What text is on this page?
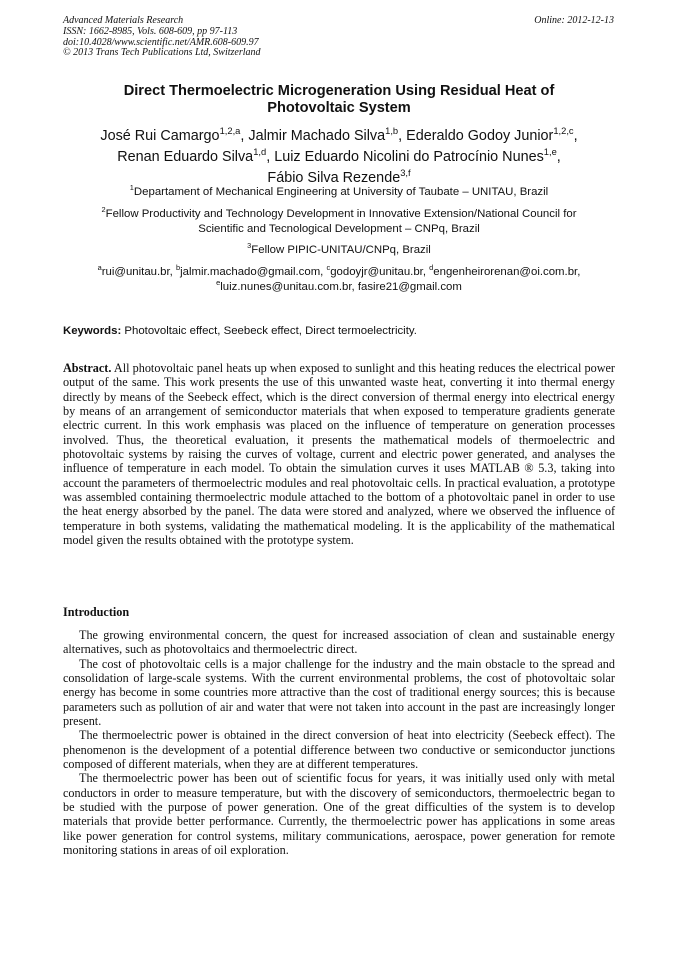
Advanced Materials Research
ISSN: 1662-8985, Vols. 608-609, pp 97-113
doi:10.4028/www.scientific.net/AMR.608-609.97
© 2013 Trans Tech Publications Ltd, Switzerland
Online: 2012-12-13
Direct Thermoelectric Microgeneration Using Residual Heat of
Photovoltaic System
José Rui Camargo$^{1,2,a}$, Jalmir Machado Silva$^{1,b}$, Ederaldo Godoy Junior$^{1,2,c}$,
Renan Eduardo Silva$^{1,d}$, Luiz Eduardo Nicolini do Patrocínio Nunes$^{1,e}$,
Fábio Silva Rezende$^{3,f}$
$^1$Departament of Mechanical Engineering at University of Taubate – UNITAU, Brazil
$^2$Fellow Productivity and Technology Development in Innovative Extension/National Council for
Scientific and Tecnological Development – CNPq, Brazil
$^3$Fellow PIPIC-UNITAU/CNPq, Brazil
$^a$rui@unitau.br, $^b$jalmir.machado@gmail.com, $^c$godoyjr@unitau.br, $^d$engenheirorenan@oi.com.br,
$^e$luiz.nunes@unitau.com.br, fasire21@gmail.com
Keywords: Photovoltaic effect, Seebeck effect, Direct termoelectricity.
Abstract. All photovoltaic panel heats up when exposed to sunlight and this heating reduces the electrical power output of the same. This work presents the use of this unwanted waste heat, converting it into thermal energy directly by means of the Seebeck effect, which is the direct conversion of thermal energy into electrical energy by means of an arrangement of semiconductor materials that when exposed to temperature gradients generate electric current. In this work emphasis was placed on the influence of temperature on generation processes involved. Thus, the theoretical evaluation, it presents the mathematical models of thermoelectric and photovoltaic systems by raising the curves of voltage, current and electric power generated, and analyses the influence of temperature in each model. To obtain the simulation curves it uses MATLAB ® 5.3, taking into account the parameters of thermoelectric modules and real photovoltaic cells. In practical evaluation, a prototype was assembled containing thermoelectric module attached to the bottom of a photovoltaic panel in order to use the heat energy absorbed by the panel. The data were stored and analyzed, where we observed the influence of temperature in both systems, validating the mathematical modeling. It is the applicability of the mathematical model given the results obtained with the prototype system.
Introduction

The growing environmental concern, the quest for increased association of clean and sustainable energy alternatives, such as photovoltaics and thermoelectric direct.

The cost of photovoltaic cells is a major challenge for the industry and the main obstacle to the spread and consolidation of large-scale systems. With the current environmental problems, the cost of photovoltaic solar energy has become in some countries more attractive than the cost of traditional energy sources; this is because parameters such as pollution of air and water that were not taken into account in the past are increasingly longer present.

The thermoelectric power is obtained in the direct conversion of heat into electricity (Seebeck effect). The phenomenon is the development of a potential difference between two conductive or semiconductor junctions composed of different materials, when they are at different temperatures.

The thermoelectric power has been out of scientific focus for years, it was initially used only with metal conductors in order to measure temperature, but with the discovery of semiconductors, thermoelectric began to be studied with the purpose of power generation. One of the great difficulties of the system is to develop materials that provide better performance. Currently, the thermoelectric power has applications in some areas like power generation for control systems, military communications, aerospace, power generation for remote monitoring stations in areas of oil exploration.
